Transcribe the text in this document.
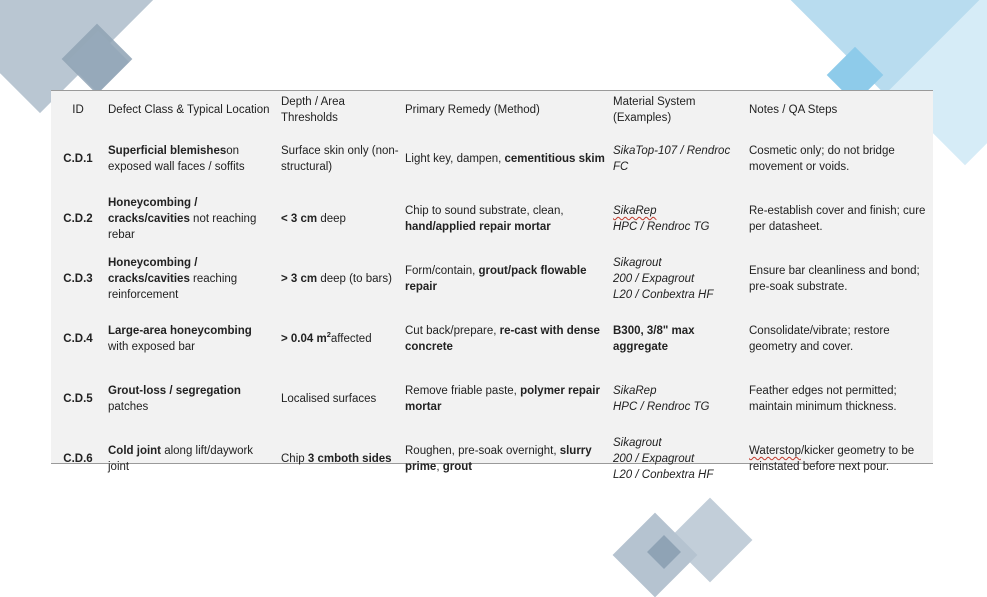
ID	Defect Class & Typical Location	Depth / Area Thresholds	Primary Remedy (Method)	Material System (Examples)	Notes / QA Steps
C.D.1	Superficial blemisheson exposed wall faces / soffits	Surface skin only (non-structural)	Light key, dampen, cementitious skim	SikaTop-107 / Rendroc FC	Cosmetic only; do not bridge movement or voids.
C.D.2	Honeycombing / cracks/cavities not reaching rebar	< 3 cm deep	Chip to sound substrate, clean, hand/applied repair mortar	SikaRep
HPC / Rendroc TG	Re-establish cover and finish; cure per datasheet.
C.D.3	Honeycombing / cracks/cavities reaching reinforcement	> 3 cm deep (to bars)	Form/contain, grout/pack flowable repair	Sikagrout
200 / Expagrout
L20 / Conbextra HF	Ensure bar cleanliness and bond; pre-soak substrate.
C.D.4	Large-area honeycombing with exposed bar	> 0.04 $m^2affected$	Cut back/prepare, re-cast with dense concrete	B300, 3/8" max aggregate	Consolidate/vibrate; restore geometry and cover.
C.D.5	Grout-loss / segregation patches	Localised surfaces	Remove friable paste, polymer repair mortar	SikaRep
HPC / Rendroc TG	Feather edges not permitted; maintain minimum thickness.
C.D.6	Cold joint along lift/daywork joint	Chip 3 cmboth sides	Roughen, pre-soak overnight, slurry prime, grout	Sikagrout
200 / Expagrout
L20 / Conbextra HF	Waterstop/kicker geometry to be reinstated before next pour.
